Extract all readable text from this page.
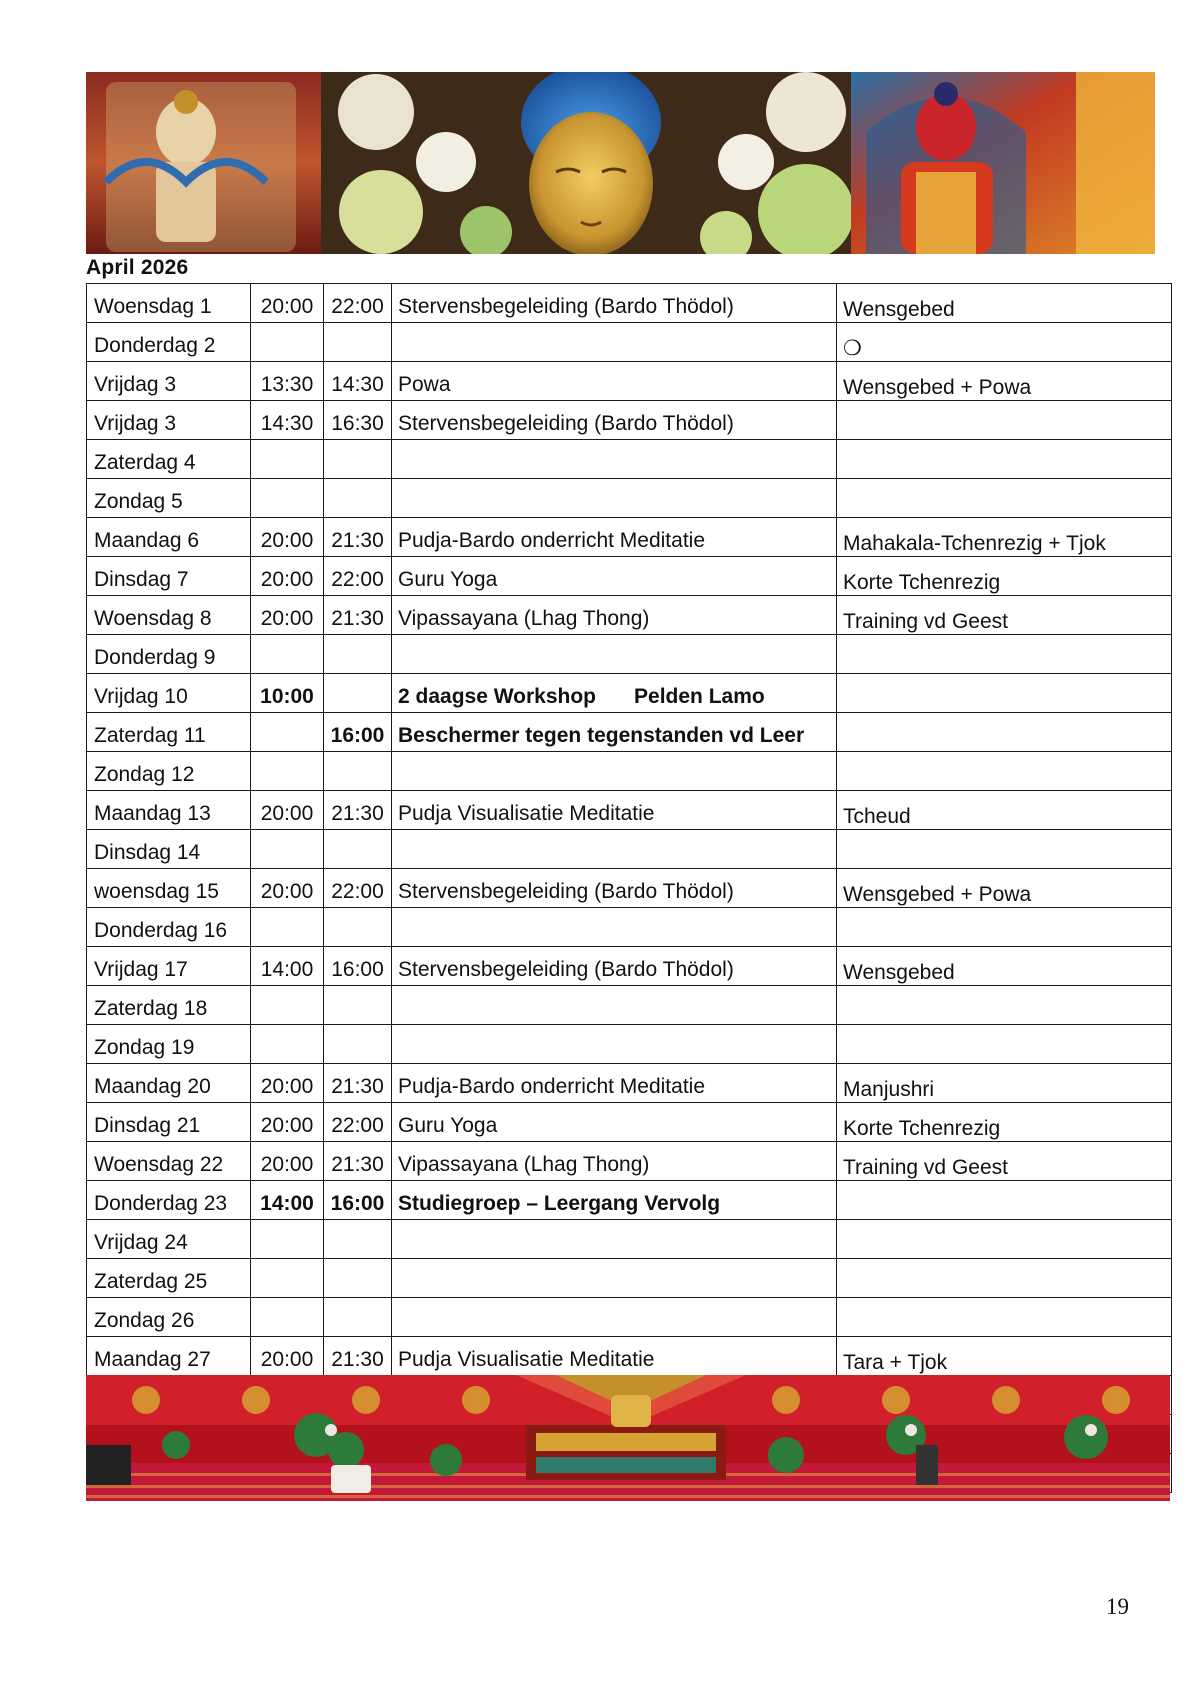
April 2026
Woensdag 1	20:00	22:00	Stervensbegeleiding (Bardo Thödol)	Wensgebed
Donderdag 2				❍
Vrijdag 3	13:30	14:30	Powa	Wensgebed + Powa
Vrijdag 3	14:30	16:30	Stervensbegeleiding (Bardo Thödol)	
Zaterdag 4				
Zondag 5				
Maandag 6	20:00	21:30	Pudja-Bardo onderricht Meditatie	Mahakala-Tchenrezig + Tjok
Dinsdag 7	20:00	22:00	Guru Yoga	Korte Tchenrezig
Woensdag 8	20:00	21:30	Vipassayana (Lhag Thong)	Training vd Geest
Donderdag 9				
Vrijdag 10	10:00		2 daagse Workshop Pelden Lamo	
Zaterdag 11		16:00	Beschermer tegen tegenstanden vd Leer	
Zondag 12				
Maandag 13	20:00	21:30	Pudja Visualisatie Meditatie	Tcheud
Dinsdag 14				
woensdag 15	20:00	22:00	Stervensbegeleiding (Bardo Thödol)	Wensgebed + Powa
Donderdag 16				
Vrijdag 17	14:00	16:00	Stervensbegeleiding (Bardo Thödol)	Wensgebed
Zaterdag 18				
Zondag 19				
Maandag 20	20:00	21:30	Pudja-Bardo onderricht Meditatie	Manjushri
Dinsdag 21	20:00	22:00	Guru Yoga	Korte Tchenrezig
Woensdag 22	20:00	21:30	Vipassayana (Lhag Thong)	Training vd Geest
Donderdag 23	14:00	16:00	Studiegroep – Leergang Vervolg	
Vrijdag 24				
Zaterdag 25				
Zondag 26				
Maandag 27	20:00	21:30	Pudja Visualisatie Meditatie	Tara + Tjok

19
